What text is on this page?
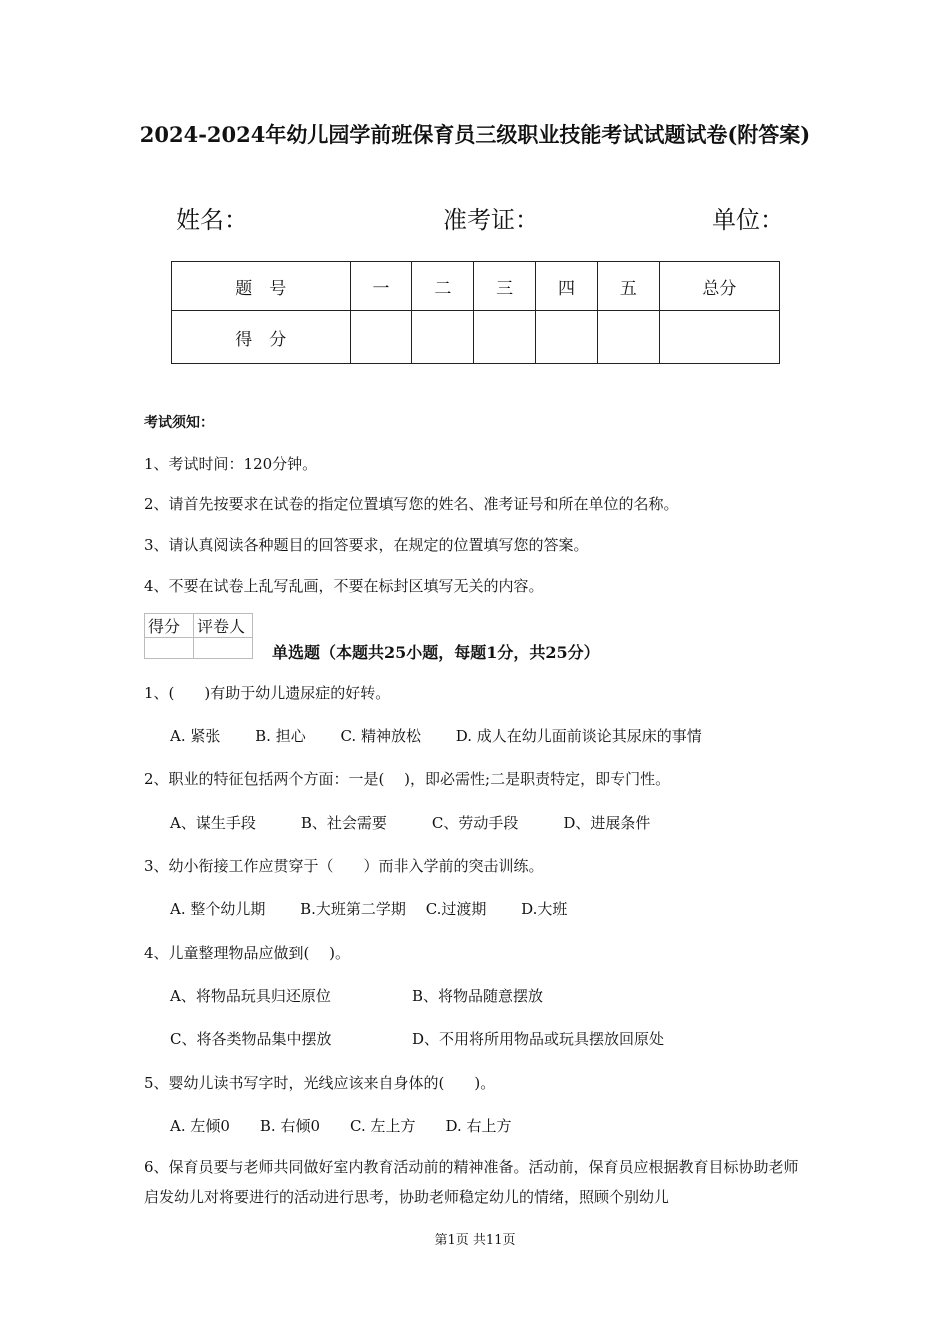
2024-2024年幼儿园学前班保育员三级职业技能考试试题试卷(附答案)
姓名：	准考证：	单位：
题　号	一	二	三	四	五	总分
得　分						
考试须知：
1、考试时间：120分钟。
2、请首先按要求在试卷的指定位置填写您的姓名、准考证号和所在单位的名称。
3、请认真阅读各种题目的回答要求，在规定的位置填写您的答案。
4、不要在试卷上乱写乱画，不要在标封区填写无关的内容。
得分	评卷人

单选题（本题共25小题，每题1分，共25分）
1、(　　)有助于幼儿遗尿症的好转。
A. 紧张　　 B. 担心　　 C. 精神放松　　 D. 成人在幼儿面前谈论其尿床的事情
2、职业的特征包括两个方面：一是(　 )，即必需性;二是职责特定，即专门性。
A、谋生手段　　　B、社会需要　　　C、劳动手段　　　D、进展条件
3、幼小衔接工作应贯穿于（　　）而非入学前的突击训练。
A. 整个幼儿期　　 B.大班第二学期　 C.过渡期　　 D.大班
4、儿童整理物品应做到(　 )。
A、将物品玩具归还原位	B、将物品随意摆放
C、将各类物品集中摆放	D、不用将所用物品或玩具摆放回原处
5、婴幼儿读书写字时，光线应该来自身体的(　　)。
A. 左倾0　　B. 右倾0　　C. 左上方　　D. 右上方
6、保育员要与老师共同做好室内教育活动前的精神准备。活动前，保育员应根据教育目标协助老师启发幼儿对将要进行的活动进行思考，协助老师稳定幼儿的情绪，照顾个别幼儿
第1页 共11页
